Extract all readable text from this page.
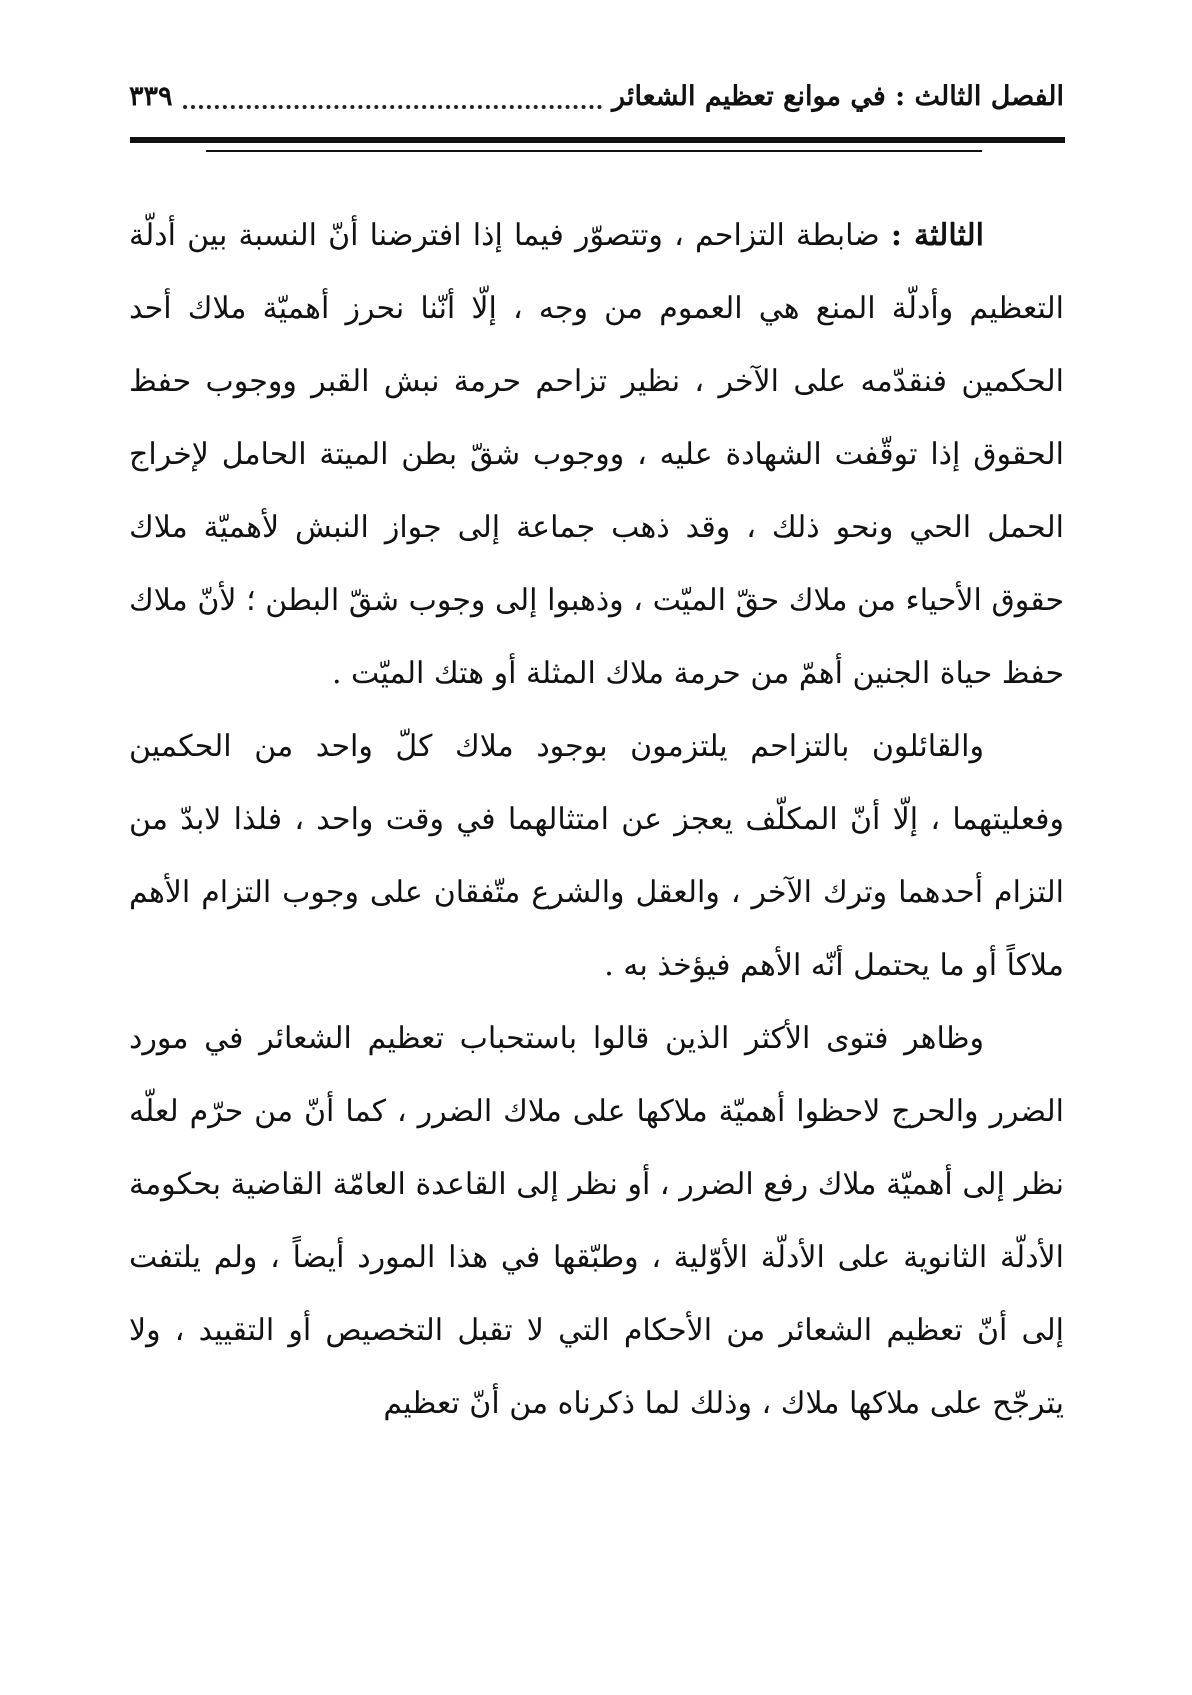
الفصل الثالث : في موانع تعظيم الشعائر
٣٣٩

الثالثة : ضابطة التزاحم ، وتتصوّر فيما إذا افترضنا أنّ النسبة بين أدلّة التعظيم وأدلّة المنع هي العموم من وجه ، إلّا أنّنا نحرز أهميّة ملاك أحد الحكمين فنقدّمه على الآخر ، نظير تزاحم حرمة نبش القبر ووجوب حفظ الحقوق إذا توقّفت الشهادة عليه ، ووجوب شقّ بطن الميتة الحامل لإخراج الحمل الحي ونحو ذلك ، وقد ذهب جماعة إلى جواز النبش لأهميّة ملاك حقوق الأحياء من ملاك حقّ الميّت ، وذهبوا إلى وجوب شقّ البطن ؛ لأنّ ملاك حفظ حياة الجنين أهمّ من حرمة ملاك المثلة أو هتك الميّت .

والقائلون بالتزاحم يلتزمون بوجود ملاك كلّ واحد من الحكمين وفعليتهما ، إلّا أنّ المكلّف يعجز عن امتثالهما في وقت واحد ، فلذا لابدّ من التزام أحدهما وترك الآخر ، والعقل والشرع متّفقان على وجوب التزام الأهم ملاكاً أو ما يحتمل أنّه الأهم فيؤخذ به .

وظاهر فتوى الأكثر الذين قالوا باستحباب تعظيم الشعائر في مورد الضرر والحرج لاحظوا أهميّة ملاكها على ملاك الضرر ، كما أنّ من حرّم لعلّه نظر إلى أهميّة ملاك رفع الضرر ، أو نظر إلى القاعدة العامّة القاضية بحكومة الأدلّة الثانوية على الأدلّة الأوّلية ، وطبّقها في هذا المورد أيضاً ، ولم يلتفت إلى أنّ تعظيم الشعائر من الأحكام التي لا تقبل التخصيص أو التقييد ، ولا يترجّح على ملاكها ملاك ، وذلك لما ذكرناه من أنّ تعظيم
